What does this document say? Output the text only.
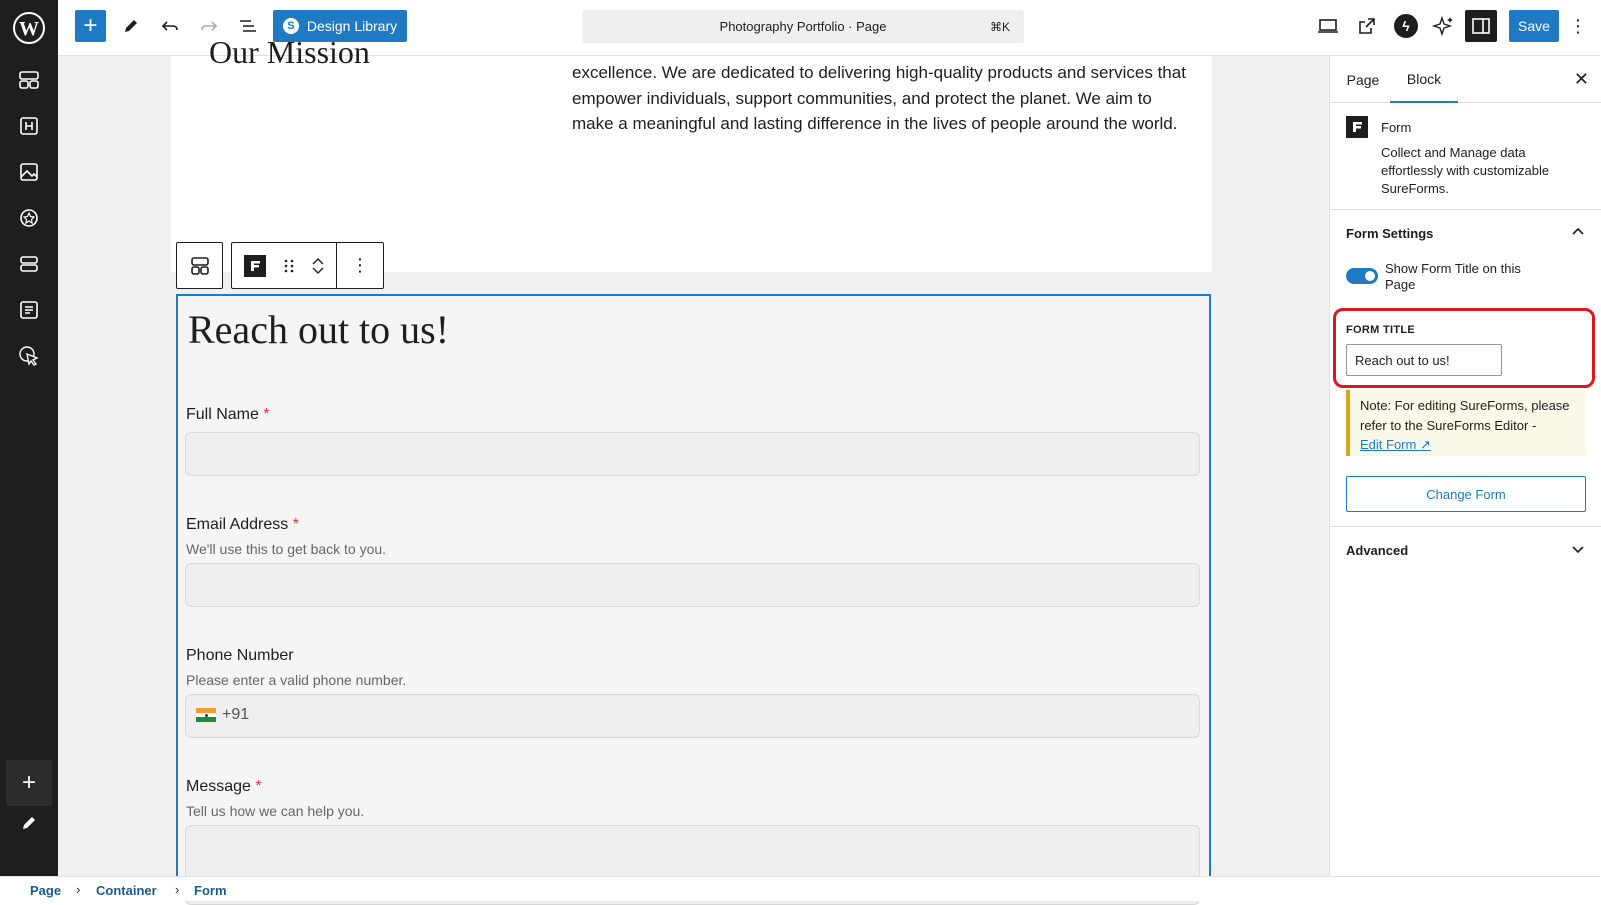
W +	S Design Library	Photography Portfolio · Page	⌘K	ϟ	Save	⋮
+
Our Mission
excellence. We are dedicated to delivering high-quality products and services that empower individuals, support communities, and protect the planet. We aim to make a meaningful and lasting difference in the lives of people around the world.
⋮
Reach out to us!
Full Name *
Email Address *
We'll use this to get back to you.
Phone Number
Please enter a valid phone number.
+91
Message *
Tell us how we can help you.
Page	Block	✕
Form
Collect and Manage data effortlessly with customizable SureForms.
Form Settings
Show Form Title on this Page
FORM TITLE
Reach out to us!
Note: For editing SureForms, please refer to the SureForms Editor -
Edit Form ↗
Change Form
Advanced
Page › Container › Form
